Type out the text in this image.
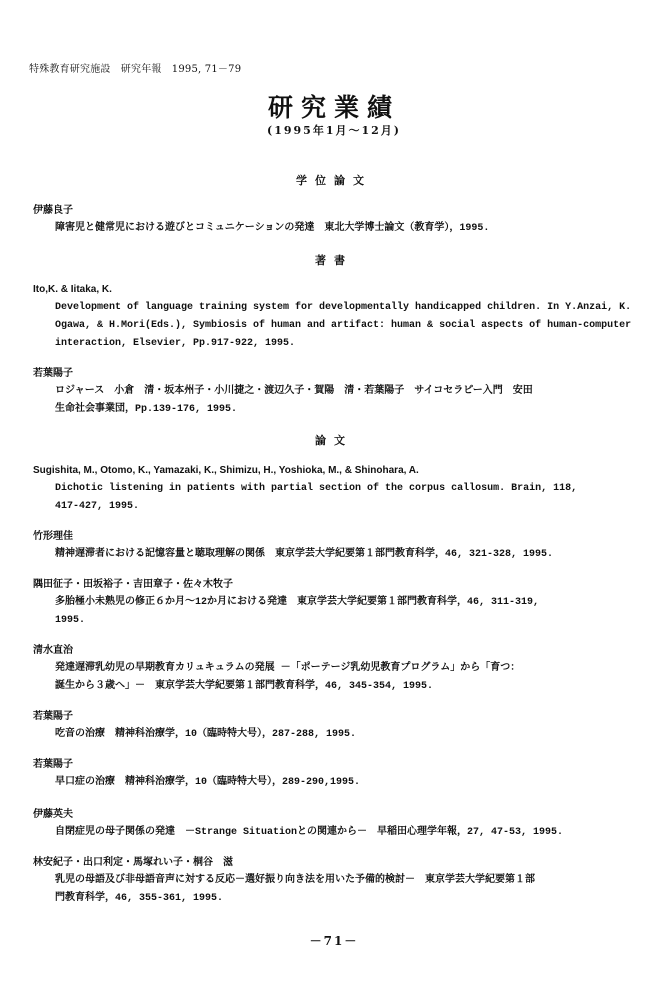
特殊教育研究施設　研究年報　1995, 71－79
研究業績
(1995年1月～12月)
学位論文
伊藤良子
障害児と健常児における遊びとコミュニケーションの発達　東北大学博士論文（教育学），1995.
著書
Ito,K. & Iitaka, K.
Development of language training system for developmentally handicapped children. In Y.Anzai, K.
Ogawa, & H.Mori(Eds.), Symbiosis of human and artifact: human & social aspects of human-computer
interaction, Elsevier, Pp.917-922, 1995.
若葉陽子
ロジャース　小倉　清・坂本州子・小川捷之・渡辺久子・賀陽　清・若葉陽子　サイコセラピー入門　安田
生命社会事業団，Pp.139-176, 1995.
論文
Sugishita, M., Otomo, K., Yamazaki, K., Shimizu, H., Yoshioka, M., & Shinohara, A.
Dichotic listening in patients with partial section of the corpus callosum. Brain, 118,
417-427, 1995.
竹形理佳
精神遅滞者における記憶容量と聴取理解の関係　東京学芸大学紀要第１部門教育科学，46, 321-328, 1995.
隅田征子・田坂裕子・吉田章子・佐々木牧子
多胎極小未熟児の修正６か月～12か月における発達　東京学芸大学紀要第１部門教育科学，46, 311-319,
1995.
清水直治
発達遅滞乳幼児の早期教育カリュキュラムの発展 －「ポーテージ乳幼児教育プログラム」から「育つ：
誕生から３歳へ」－　東京学芸大学紀要第１部門教育科学，46, 345-354, 1995.
若葉陽子
吃音の治療　精神科治療学，10（臨時特大号），287-288, 1995.
若葉陽子
早口症の治療　精神科治療学，10（臨時特大号），289-290,1995.
伊藤英夫
自閉症児の母子関係の発達　－Strange Situationとの関連から－　早稲田心理学年報，27, 47-53, 1995.
林安紀子・出口利定・馬塚れい子・桐谷　滋
乳児の母語及び非母語音声に対する反応－選好振り向き法を用いた予備的検討－　東京学芸大学紀要第１部
門教育科学，46, 355-361, 1995.
－71－
